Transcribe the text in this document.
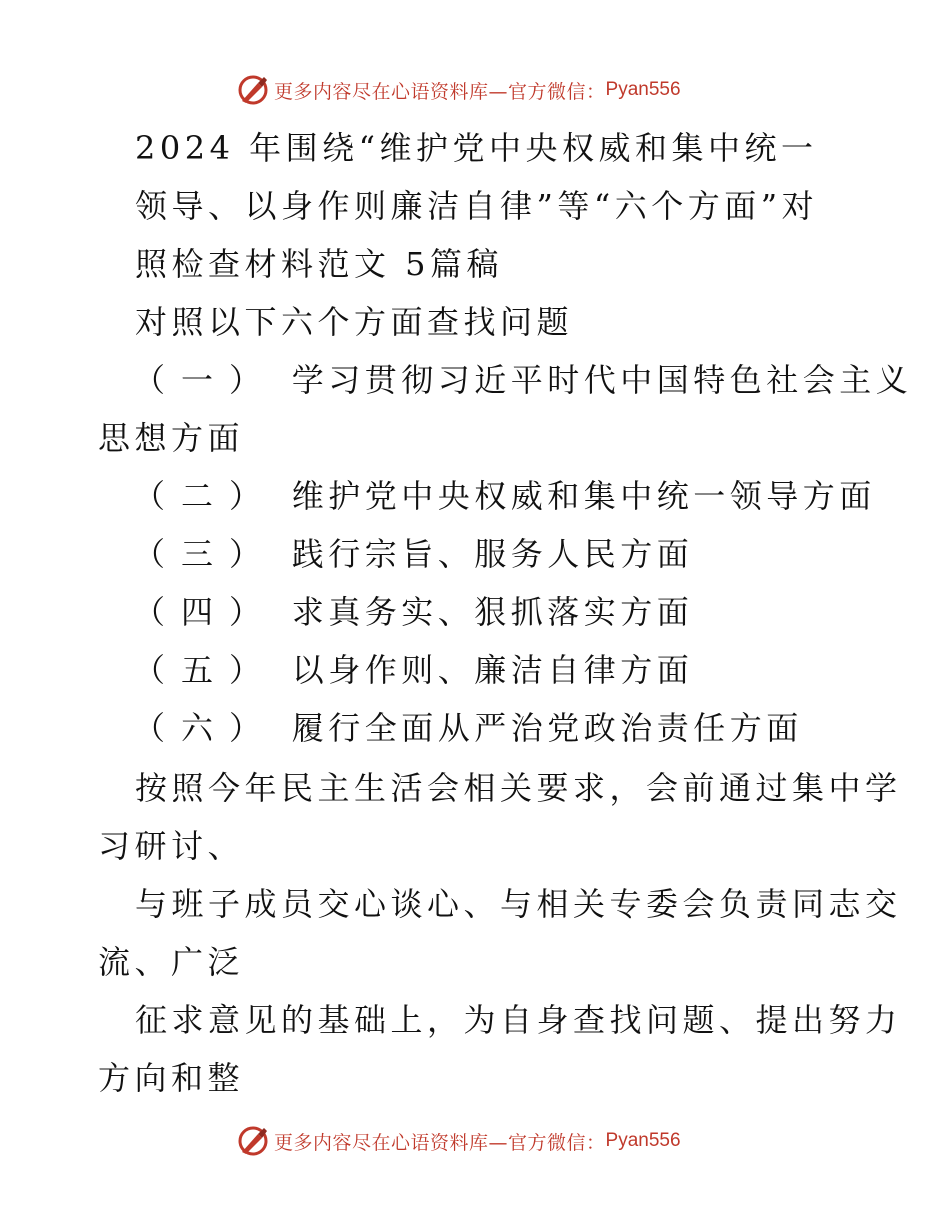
更多内容尽在心语资料库—官方微信： Pyan556
2024 年围绕“维护党中央权威和集中统一
领导、以身作则廉洁自律”等“六个方面”对
照检查材料范文 5篇稿
对照以下六个方面查找问题
（一） 学习贯彻习近平时代中国特色社会主义
思想方面
（二） 维护党中央权威和集中统一领导方面
（三） 践行宗旨、服务人民方面
（四） 求真务实、狠抓落实方面
（五） 以身作则、廉洁自律方面
（六） 履行全面从严治党政治责任方面
按照今年民主生活会相关要求，会前通过集中学
习研讨、
与班子成员交心谈心、与相关专委会负责同志交
流、广泛
征求意见的基础上，为自身查找问题、提出努力
方向和整
更多内容尽在心语资料库—官方微信： Pyan556
